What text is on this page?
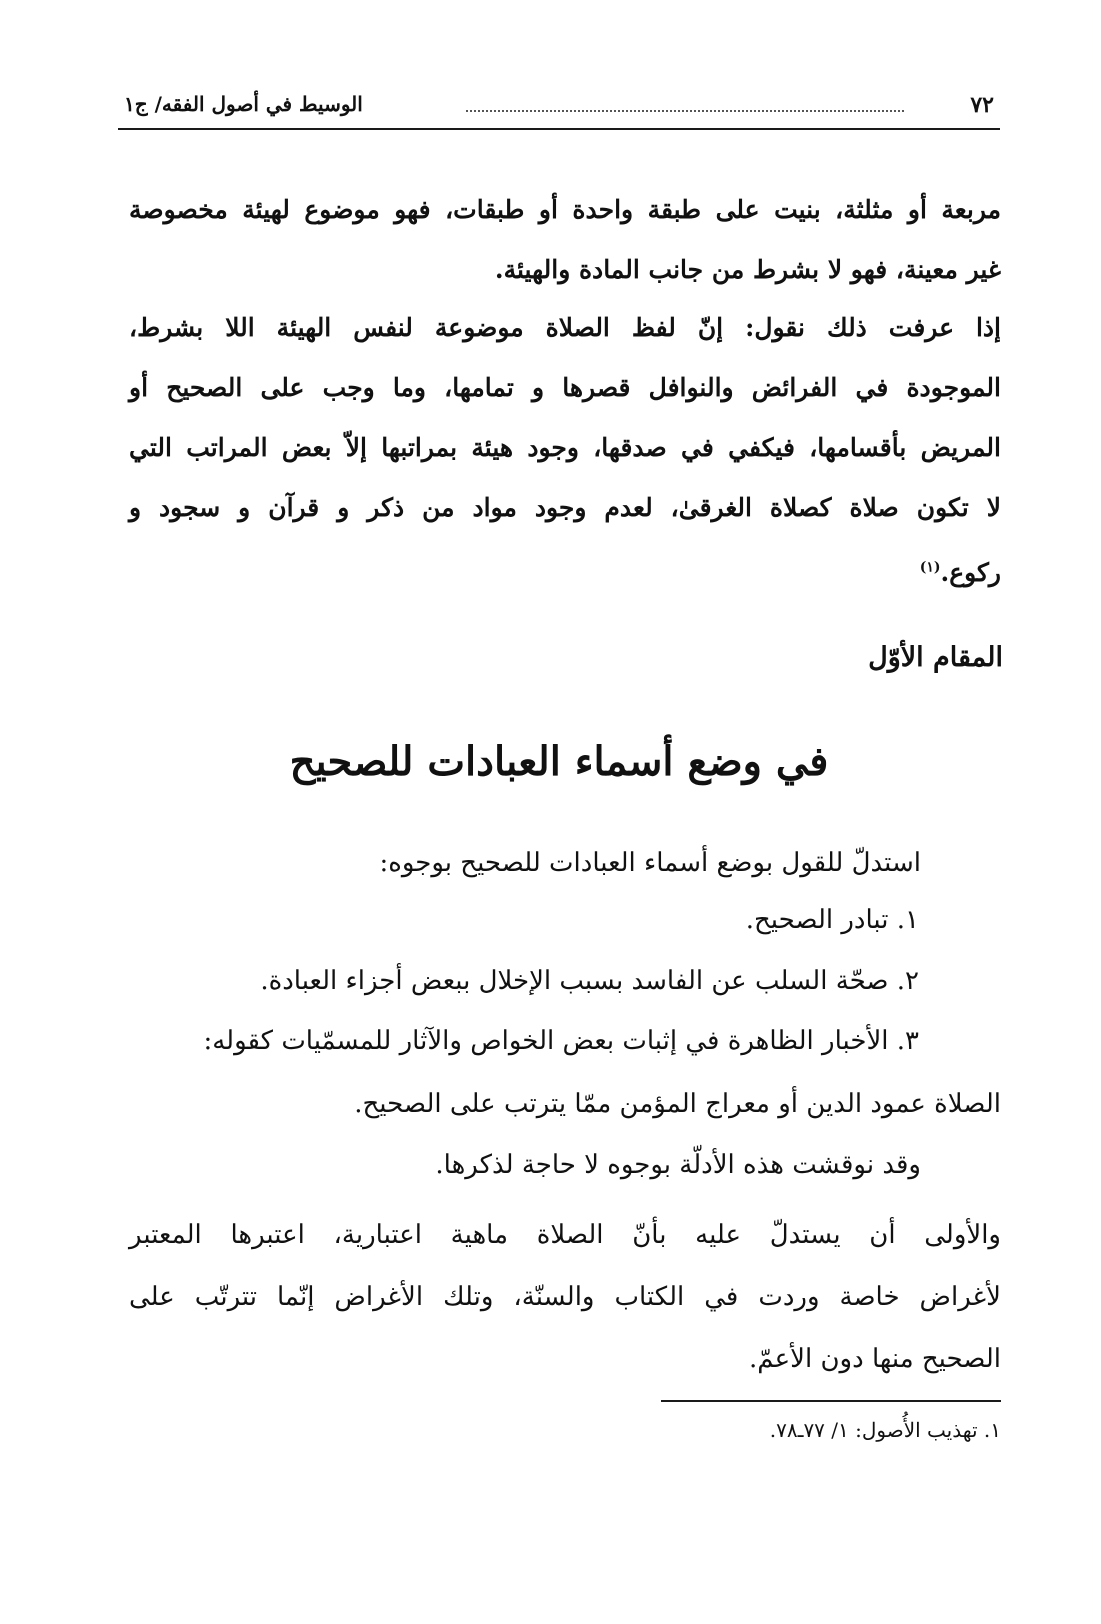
٧٢
الوسيط في أصول الفقه/ ج١
مربعة أو مثلثة، بنيت على طبقة واحدة أو طبقات، فهو موضوع لهيئة مخصوصة
غير معينة، فهو لا بشرط من جانب المادة والهيئة.
إذا عرفت ذلك نقول: إنّ لفظ الصلاة موضوعة لنفس الهيئة اللا بشرط،
الموجودة في الفرائض والنوافل قصرها و تمامها، وما وجب على الصحيح أو
المريض بأقسامها، فيكفي في صدقها، وجود هيئة بمراتبها إلاّ بعض المراتب التي
لا تكون صلاة كصلاة الغرقىٰ، لعدم وجود مواد من ذكر و قرآن و سجود و
ركوع.$^{(١)}$
المقام الأوّل
في وضع أسماء العبادات للصحيح
استدلّ للقول بوضع أسماء العبادات للصحيح بوجوه:
١. تبادر الصحيح.
٢. صحّة السلب عن الفاسد بسبب الإخلال ببعض أجزاء العبادة.
٣. الأخبار الظاهرة في إثبات بعض الخواص والآثار للمسمّيات كقوله:
الصلاة عمود الدين أو معراج المؤمن ممّا يترتب على الصحيح.
وقد نوقشت هذه الأدلّة بوجوه لا حاجة لذكرها.
والأولى أن يستدلّ عليه بأنّ الصلاة ماهية اعتبارية، اعتبرها المعتبر
لأغراض خاصة وردت في الكتاب والسنّة، وتلك الأغراض إنّما تترتّب على
الصحيح منها دون الأعمّ.
١. تهذيب الأُصول: ١/ ٧٧ـ٧٨.
